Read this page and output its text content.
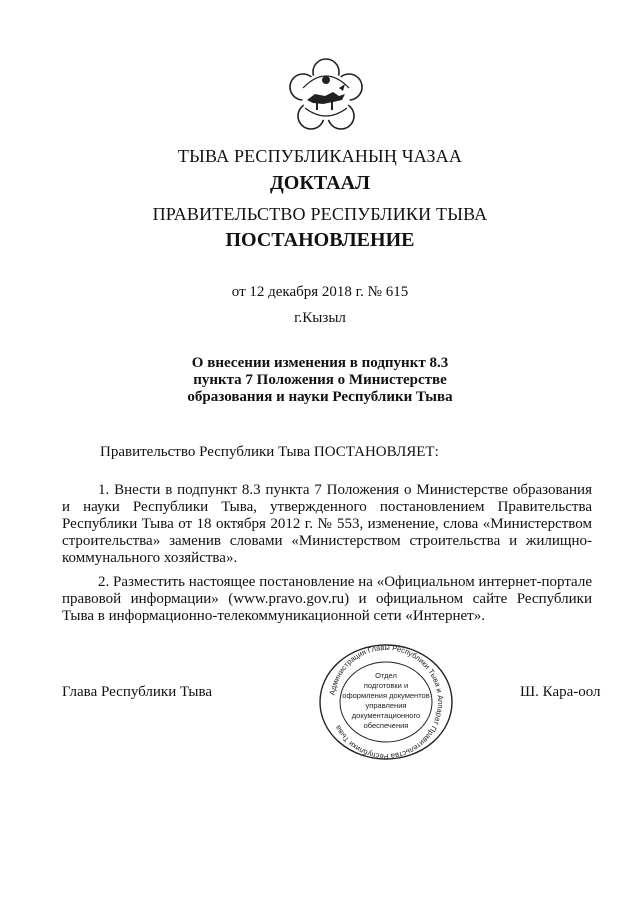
ТЫВА РЕСПУБЛИКАНЫҢ ЧАЗАА
ДОКТААЛ
ПРАВИТЕЛЬСТВО РЕСПУБЛИКИ ТЫВА
ПОСТАНОВЛЕНИЕ
от 12 декабря 2018 г. № 615
г.Кызыл
О внесении изменения в подпункт 8.3
пункта 7 Положения о Министерстве
образования и науки Республики Тыва
Правительство Республики Тыва ПОСТАНОВЛЯЕТ:
1. Внести в подпункт 8.3 пункта 7 Положения о Министерстве образования и науки Республики Тыва, утвержденного постановлением Правительства Республики Тыва от 18 октября 2012 г. № 553, изменение, слова «Министерством строительства» заменив словами «Министерством строительства и жилищно-коммунального хозяйства».
2. Разместить настоящее постановление на «Официальном интернет-портале правовой информации» (www.pravo.gov.ru) и официальном сайте Республики Тыва в информационно-телекоммуникационной сети «Интернет».
Глава Республики Тыва	Ш. Кара-оол
Администрация Главы Республики Тыва и Аппарат Правительства Республики Тыва
Отдел
подготовки и
оформления документов
управления
документационного
обеспечения
